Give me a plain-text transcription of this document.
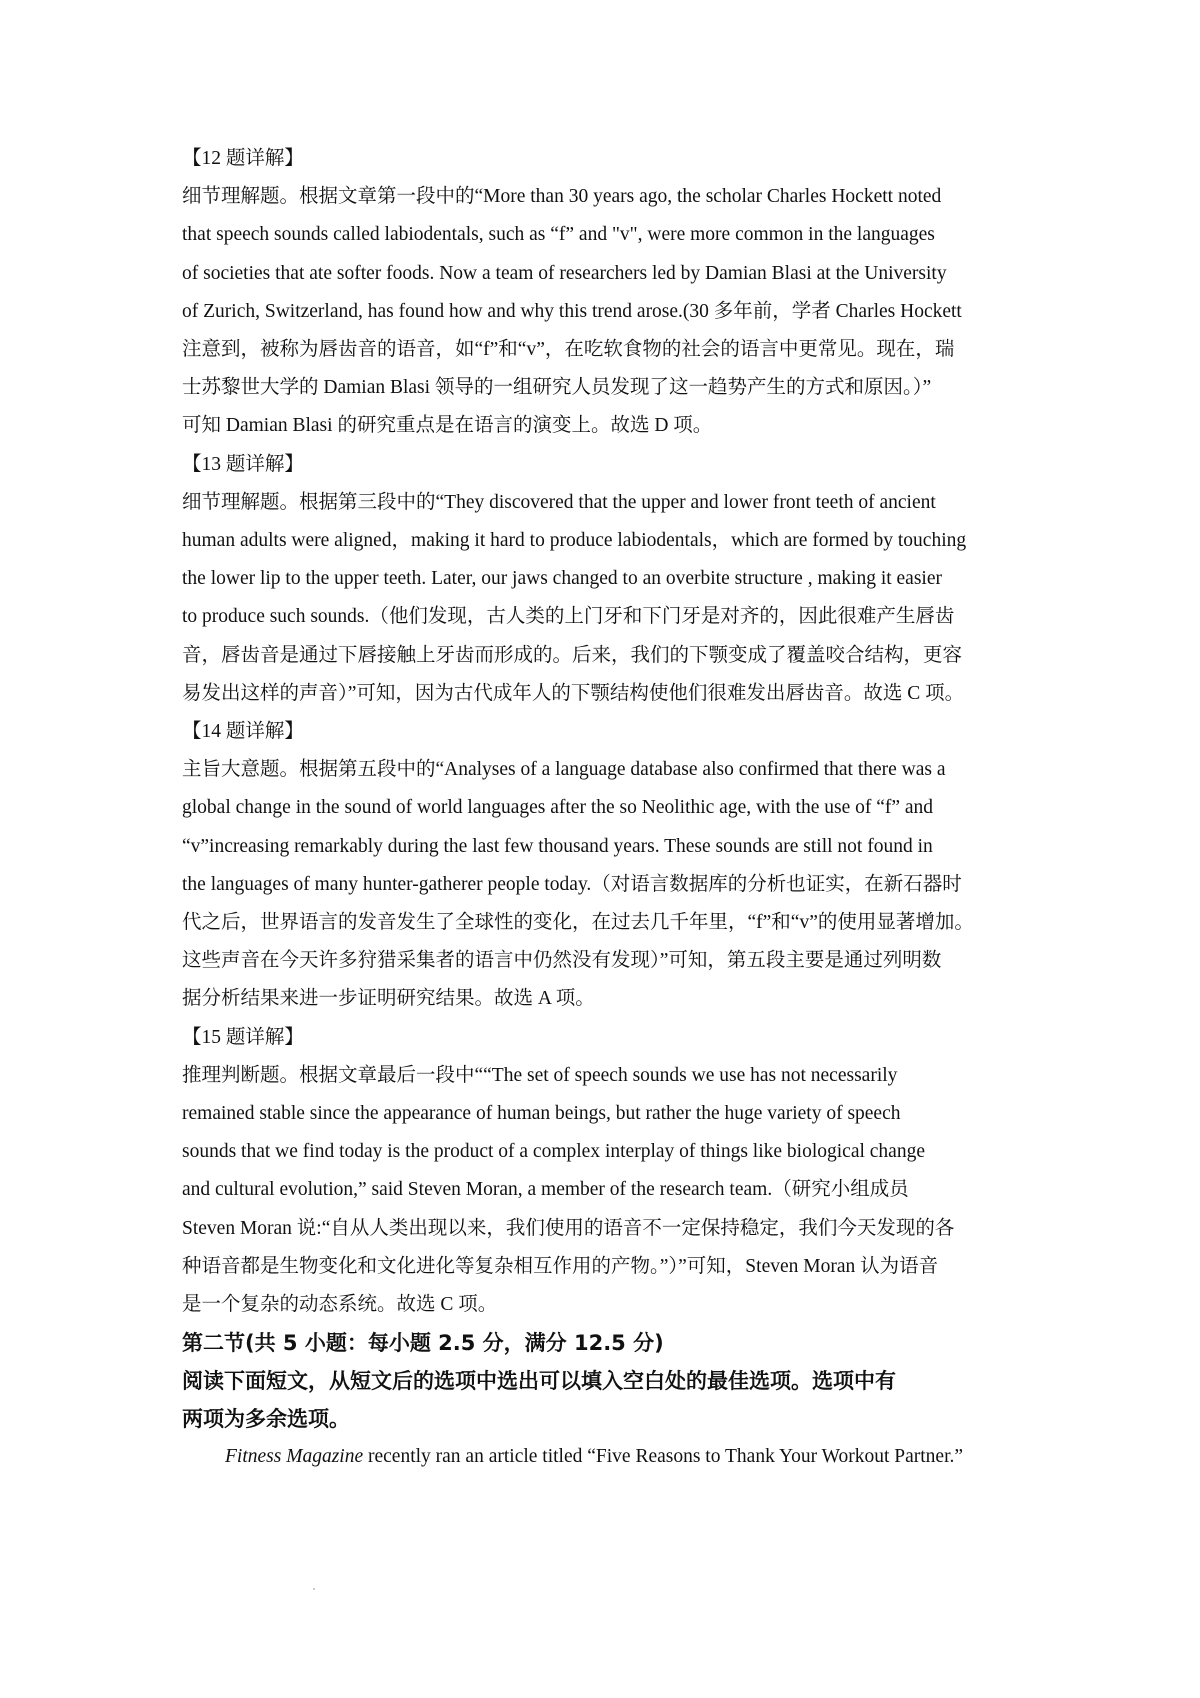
【12 题详解】
细节理解题。根据文章第一段中的“More than 30 years ago, the scholar Charles Hockett noted
that speech sounds called labiodentals, such as “f” and "v", were more common in the languages
of societies that ate softer foods. Now a team of researchers led by Damian Blasi at the University
of Zurich, Switzerland, has found how and why this trend arose.(30 多年前，学者 Charles Hockett
注意到，被称为唇齿音的语音，如“f”和“v”，在吃软食物的社会的语言中更常见。现在，瑞
士苏黎世大学的 Damian Blasi 领导的一组研究人员发现了这一趋势产生的方式和原因。）”
可知 Damian Blasi 的研究重点是在语言的演变上。故选 D 项。
【13 题详解】
细节理解题。根据第三段中的“They discovered that the upper and lower front teeth of ancient
human adults were aligned，making it hard to produce labiodentals，which are formed by touching
the lower lip to the upper teeth. Later, our jaws changed to an overbite structure , making it easier
to produce such sounds.（他们发现，古人类的上门牙和下门牙是对齐的，因此很难产生唇齿
音，唇齿音是通过下唇接触上牙齿而形成的。后来，我们的下颚变成了覆盖咬合结构，更容
易发出这样的声音）”可知，因为古代成年人的下颚结构使他们很难发出唇齿音。故选 C 项。
【14 题详解】
主旨大意题。根据第五段中的“Analyses of a language database also confirmed that there was a
global change in the sound of world languages after the so Neolithic age, with the use of “f” and
“v”increasing remarkably during the last few thousand years. These sounds are still not found in
the languages of many hunter-gatherer people today.（对语言数据库的分析也证实，在新石器时
代之后，世界语言的发音发生了全球性的变化，在过去几千年里，“f”和“v”的使用显著增加。
这些声音在今天许多狩猎采集者的语言中仍然没有发现）”可知，第五段主要是通过列明数
据分析结果来进一步证明研究结果。故选 A 项。
【15 题详解】
推理判断题。根据文章最后一段中““The set of speech sounds we use has not necessarily
remained stable since the appearance of human beings, but rather the huge variety of speech
sounds that we find today is the product of a complex interplay of things like biological change
and cultural evolution,” said Steven Moran, a member of the research team.（研究小组成员
Steven Moran 说:“自从人类出现以来，我们使用的语音不一定保持稳定，我们今天发现的各
种语音都是生物变化和文化进化等复杂相互作用的产物。”）”可知，Steven Moran 认为语音
是一个复杂的动态系统。故选 C 项。
第二节(共 5 小题：每小题 2.5 分，满分 12.5 分)
阅读下面短文，从短文后的选项中选出可以填入空白处的最佳选项。选项中有
两项为多余选项。
Fitness Magazine recently ran an article titled “Five Reasons to Thank Your Workout Partner.”
